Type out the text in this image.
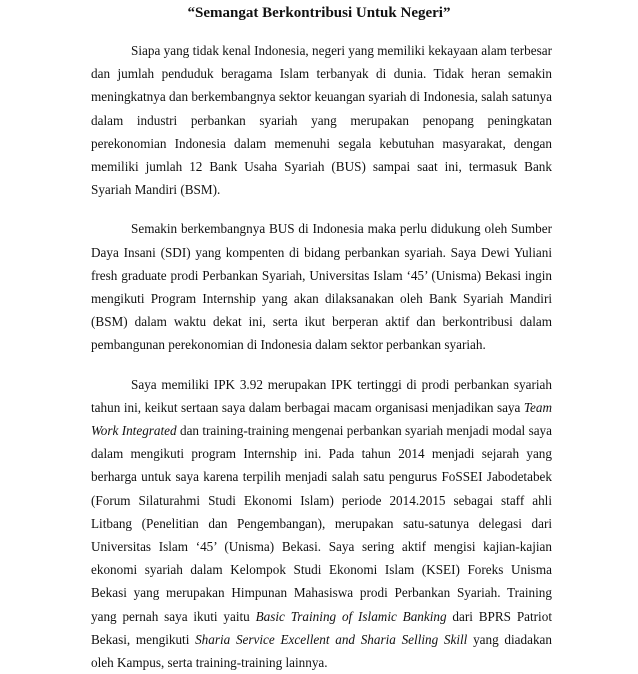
“Semangat Berkontribusi Untuk Negeri”

Siapa yang tidak kenal Indonesia, negeri yang memiliki kekayaan alam terbesar dan jumlah penduduk beragama Islam terbanyak di dunia. Tidak heran semakin meningkatnya dan berkembangnya sektor keuangan syariah di Indonesia, salah satunya dalam industri perbankan syariah yang merupakan penopang peningkatan perekonomian Indonesia dalam memenuhi segala kebutuhan masyarakat, dengan memiliki jumlah 12 Bank Usaha Syariah (BUS) sampai saat ini, termasuk Bank Syariah Mandiri (BSM).

Semakin berkembangnya BUS di Indonesia maka perlu didukung oleh Sumber Daya Insani (SDI) yang kompenten di bidang perbankan syariah. Saya Dewi Yuliani fresh graduate prodi Perbankan Syariah, Universitas Islam ‘45’ (Unisma) Bekasi ingin mengikuti Program Internship yang akan dilaksanakan oleh Bank Syariah Mandiri (BSM) dalam waktu dekat ini, serta ikut berperan aktif dan berkontribusi dalam pembangunan perekonomian di Indonesia dalam sektor perbankan syariah.

Saya memiliki IPK 3.92 merupakan IPK tertinggi di prodi perbankan syariah tahun ini, keikut sertaan saya dalam berbagai macam organisasi menjadikan saya Team Work Integrated dan training-training mengenai perbankan syariah menjadi modal saya dalam mengikuti program Internship ini. Pada tahun 2014 menjadi sejarah yang berharga untuk saya karena terpilih menjadi salah satu pengurus FoSSEI Jabodetabek (Forum Silaturahmi Studi Ekonomi Islam) periode 2014.2015 sebagai staff ahli Litbang (Penelitian dan Pengembangan), merupakan satu-satunya delegasi dari Universitas Islam ‘45’ (Unisma) Bekasi. Saya sering aktif mengisi kajian-kajian ekonomi syariah dalam Kelompok Studi Ekonomi Islam (KSEI) Foreks Unisma Bekasi yang merupakan Himpunan Mahasiswa prodi Perbankan Syariah. Training yang pernah saya ikuti yaitu Basic Training of Islamic Banking dari BPRS Patriot Bekasi, mengikuti Sharia Service Excellent and Sharia Selling Skill yang diadakan oleh Kampus, serta training-training lainnya.
